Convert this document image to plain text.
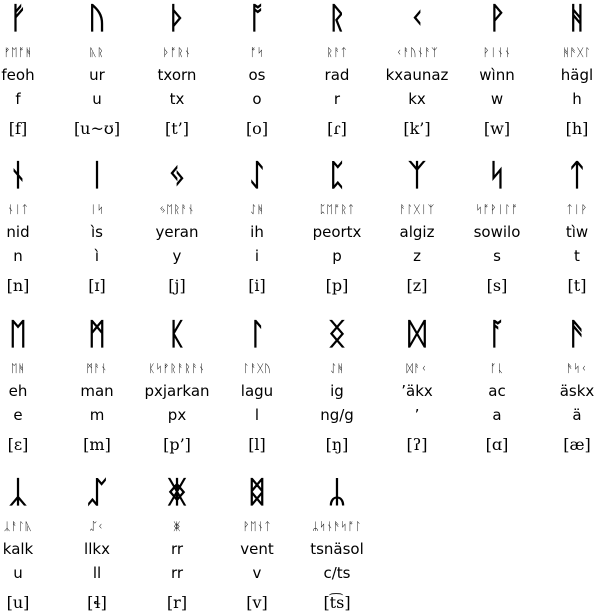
ᚠ
ᚠᛖᚩᚻ
feoh
f
[f]
ᚢ
ᚣᚱ
ur
u
[u~ʊ]
ᚦ
ᚦᚩᚱᚾ
txorn
tx
[t’]
ᚩ
ᚩᛋ
os
o
[o]
ᚱ
ᚱᚨᛏ
rad
r
[ɾ]
ᚲ
ᚲᚨᚢᚾᚨᛉ
kxaunaz
kx
[k’]
ᚹ
ᚹᛁᚾᚾ
wìnn
w
[w]
ᚻ
ᚻᚫᚷᛚ
hägl
h
[h]
ᚾ
ᚾᛁᛏ
nid
n
[n]
ᛁ
ᛁᛋ
ìs
ì
[ɪ]
ᛃ
ᛃᛖᚱᚨᚾ
yeran
y
[j]
ᛇ
ᛇᚻ
ih
i
[i]
ᛈ
ᛈᛖᚩᚱᛏ
peortx
p
[p]
ᛉ
ᚨᛚᚷᛁᛉ
algiz
z
[z]
ᛋ
ᛋᚩᚹᛁᛚᚩ
sowilo
s
[s]
ᛏ
ᛏᛁᚹ
tìw
t
[t]
ᛖ
ᛖᚻ
eh
e
[ɛ]
ᛗ
ᛗᚨᚾ
man
m
[m]
ᛕ
ᛕᛋᚠᚱᚨᚱᚨᚾ
pxjarkan
px
[p’]
ᛚ
ᛚᚨᚷᚢ
lagu
l
[l]
ᛝ
ᛇᚻ
ig
ng/g
[ŋ]
ᛞ
ᛞᚨᚲ
’äkx
’
[ʔ]
ᚪ
ᚪᚳ
ac
a
[ɑ]
ᚫ
ᚫᛋᚲ
äskx
ä
[æ]
ᛣ
ᛣᚨᛚᚣ
kalk
u
[u]
ᛢ
ᛢᚲ
llkx
ll
[ɬ]
ᛤ
ᛤ
rr
rr
[r]
ᛥ
ᚹᛖᚾᛏ
vent
v
[v]
ᛦ
ᛦᛋᚾᚫᛋᚩᛚ
tsnäsol
c/ts
[t͡s]
